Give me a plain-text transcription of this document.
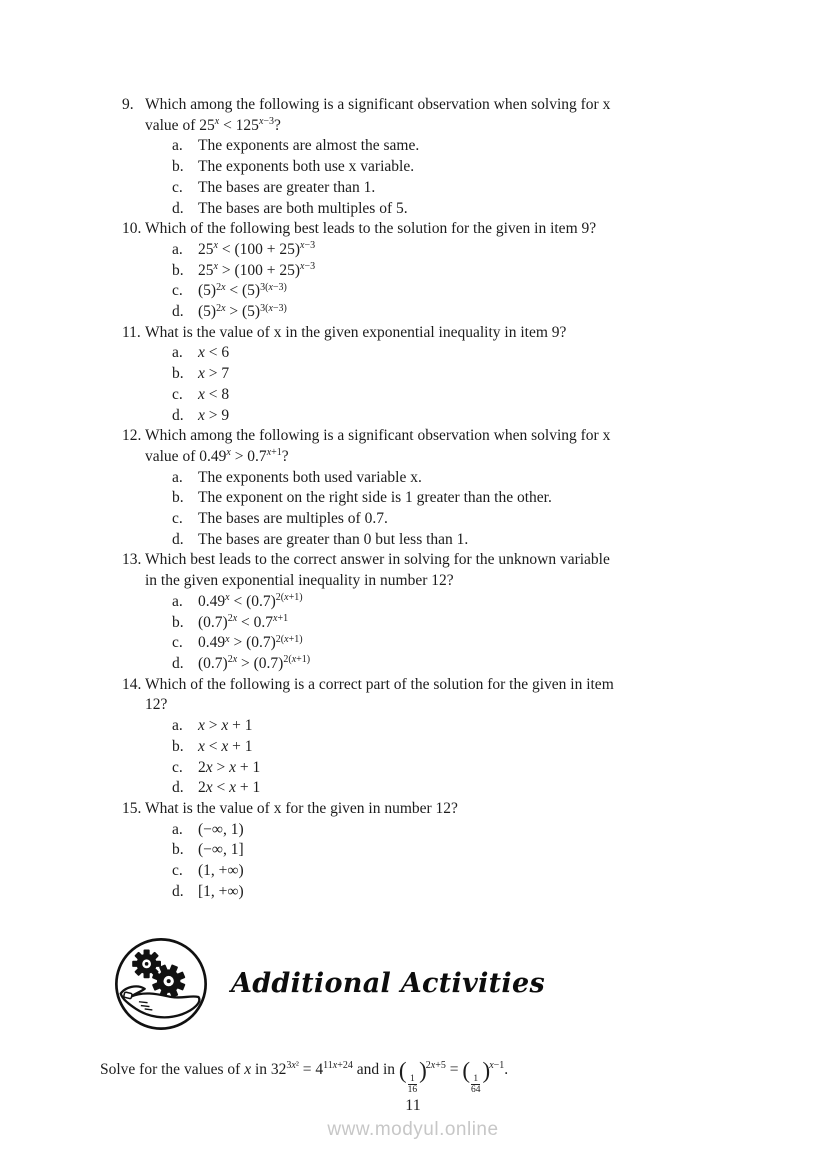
9. Which among the following is a significant observation when solving for x
value of $25^x < 125^{x-3}$?
a. The exponents are almost the same.
b. The exponents both use x variable.
c. The bases are greater than 1.
d. The bases are both multiples of 5.
10. Which of the following best leads to the solution for the given in item 9?
a. $25^x < (100 + 25)^{x-3}$
b. $25^x > (100 + 25)^{x-3}$
c. $(5)^{2x} < (5)^{3(x-3)}$
d. $(5)^{2x} > (5)^{3(x-3)}$
11. What is the value of x in the given exponential inequality in item 9?
a. x < 6
b. x > 7
c. x < 8
d. x > 9
12. Which among the following is a significant observation when solving for x
value of $0.49^x > 0.7^{x+1}$?
a. The exponents both used variable x.
b. The exponent on the right side is 1 greater than the other.
c. The bases are multiples of 0.7.
d. The bases are greater than 0 but less than 1.
13. Which best leads to the correct answer in solving for the unknown variable
in the given exponential inequality in number 12?
a. $0.49^x < (0.7)^{2(x+1)}$
b. $(0.7)^{2x} < 0.7^{x+1}$
c. $0.49^x > (0.7)^{2(x+1)}$
d. $(0.7)^{2x} > (0.7)^{2(x+1)}$
14. Which of the following is a correct part of the solution for the given in item
12?
a. x > x + 1
b. x < x + 1
c. 2x > x + 1
d. 2x < x + 1
15. What is the value of x for the given in number 12?
a. (−∞, 1)
b. (−∞, 1]
c. (1, +∞)
d. [1, +∞)
Additional Activities

Solve for the values of x in $32^{3x^2} = 4^{11x+24}$ and in (
$\frac{1}{16}$
)$^{2x+5}$ = (
$\frac{1}{64}$
)$^{x-1}$.

11
www.modyul.online
